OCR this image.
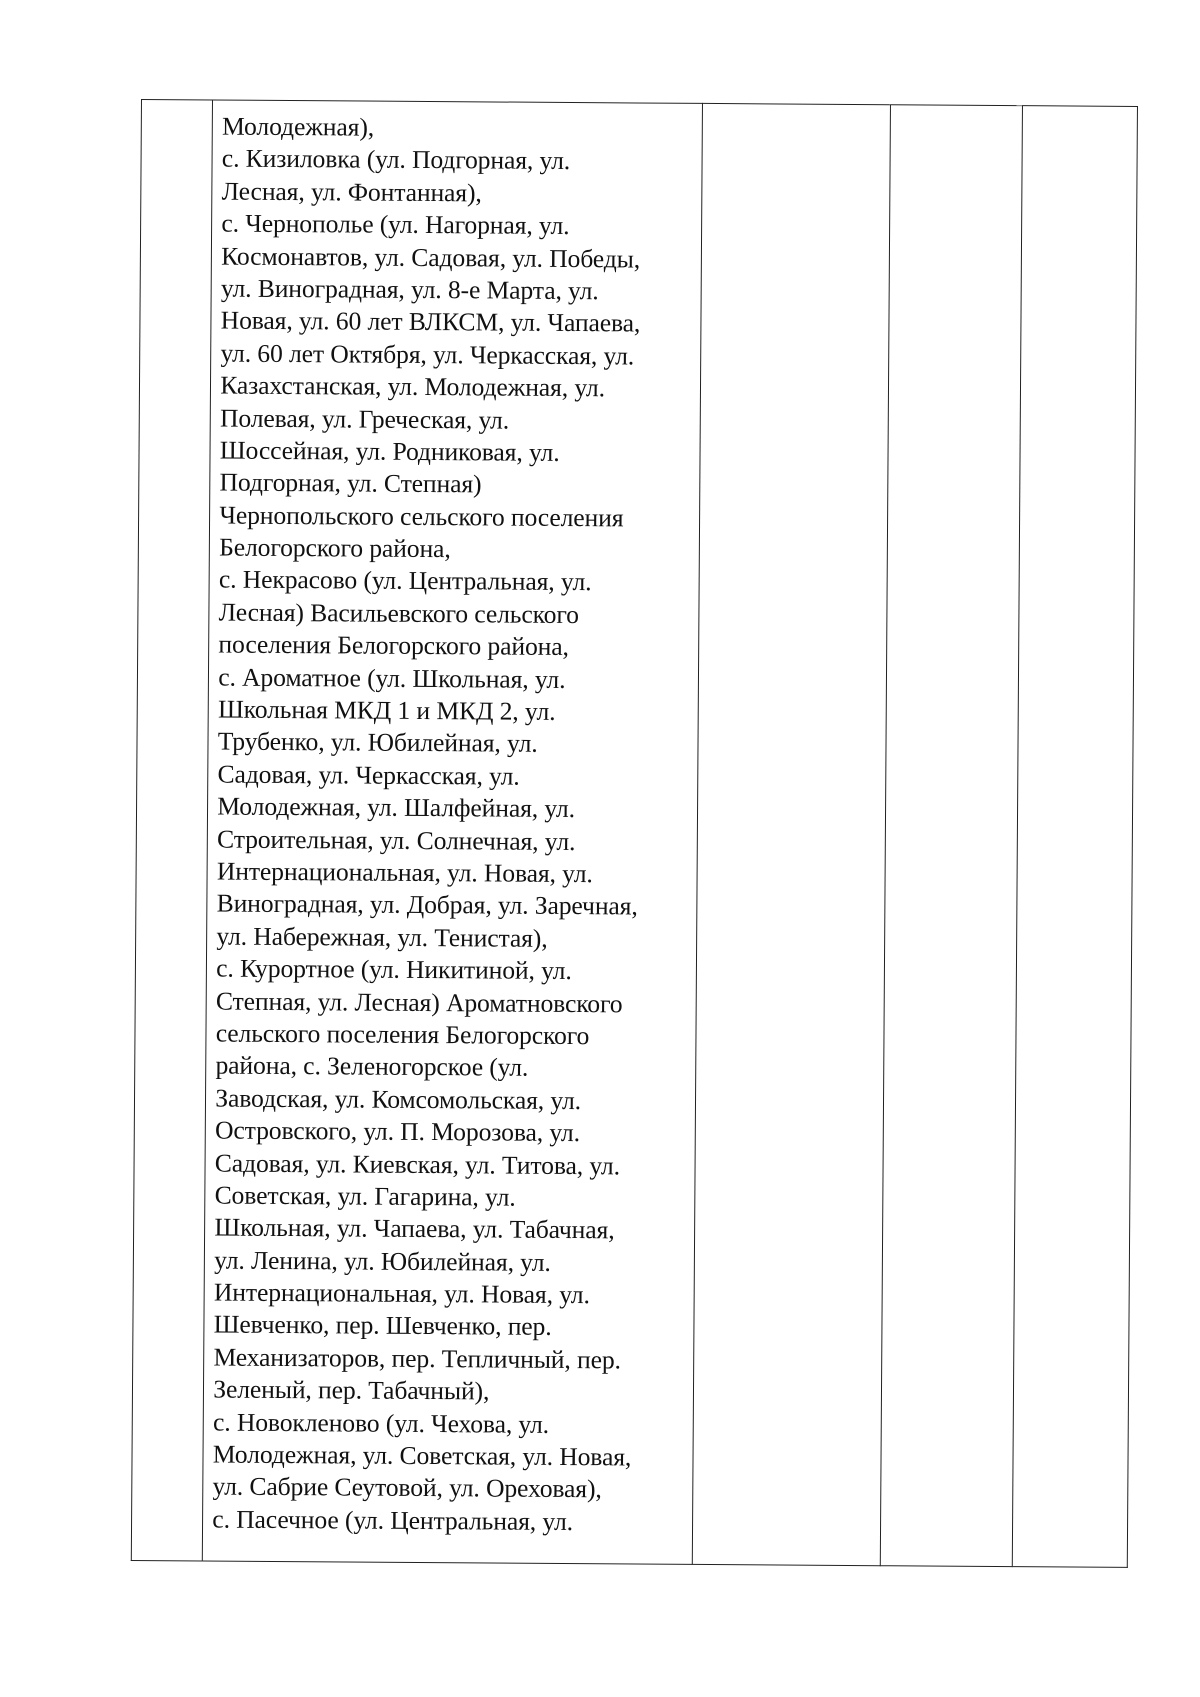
Молодежная),
с. Кизиловка (ул. Подгорная, ул.
Лесная, ул. Фонтанная),
с. Чернополье (ул. Нагорная, ул.
Космонавтов, ул. Садовая, ул. Победы,
ул. Виноградная, ул. 8-е Марта, ул.
Новая, ул. 60 лет ВЛКСМ, ул. Чапаева,
ул. 60 лет Октября, ул. Черкасская, ул.
Казахстанская, ул. Молодежная, ул.
Полевая, ул. Греческая, ул.
Шоссейная, ул. Родниковая, ул.
Подгорная, ул. Степная)
Чернопольского сельского поселения
Белогорского района,
с. Некрасово (ул. Центральная, ул.
Лесная) Васильевского сельского
поселения Белогорского района,
с. Ароматное (ул. Школьная, ул.
Школьная МКД 1 и МКД 2, ул.
Трубенко, ул. Юбилейная, ул.
Садовая, ул. Черкасская, ул.
Молодежная, ул. Шалфейная, ул.
Строительная, ул. Солнечная, ул.
Интернациональная, ул. Новая, ул.
Виноградная, ул. Добрая, ул. Заречная,
ул. Набережная, ул. Тенистая),
с. Курортное (ул. Никитиной, ул.
Степная, ул. Лесная) Ароматновского
сельского поселения Белогорского
района, с. Зеленогорское (ул.
Заводская, ул. Комсомольская, ул.
Островского, ул. П. Морозова, ул.
Садовая, ул. Киевская, ул. Титова, ул.
Советская, ул. Гагарина, ул.
Школьная, ул. Чапаева, ул. Табачная,
ул. Ленина, ул. Юбилейная, ул.
Интернациональная, ул. Новая, ул.
Шевченко, пер. Шевченко, пер.
Механизаторов, пер. Тепличный, пер.
Зеленый, пер. Табачный),
с. Новокленово (ул. Чехова, ул.
Молодежная, ул. Советская, ул. Новая,
ул. Сабрие Сеутовой, ул. Ореховая),
с. Пасечное (ул. Центральная, ул.
